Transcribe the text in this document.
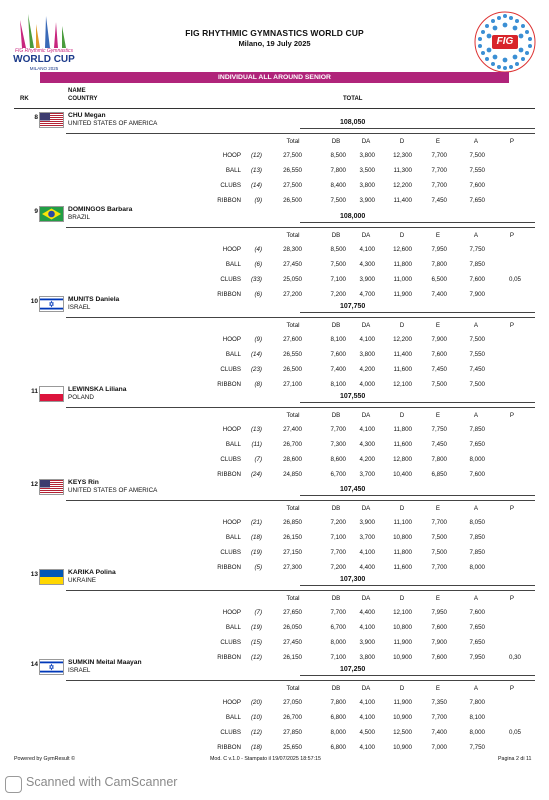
FIG Rhythmic Gymnastics
WORLD CUP
MILANO 2025
FIG RHYTHMIC GYMNASTICS WORLD CUP
Milano, 19 July 2025	FIG
INDIVIDUAL ALL AROUND SENIOR
RK
NAME
COUNTRY	TOTAL
8	CHU Megan
UNITED STATES OF AMERICA	108,050
Total	DB	DA	D	E	A	P
HOOP	(12)	27,500	8,500	3,800	12,300	7,700	7,500
BALL	(13)	26,550	7,800	3,500	11,300	7,700	7,550
CLUBS	(14)	27,500	8,400	3,800	12,200	7,700	7,600
RIBBON	(9)	26,500	7,500	3,900	11,400	7,450	7,650
9	DOMINGOS Barbara
BRAZIL	108,000
Total	DB	DA	D	E	A	P
HOOP	(4)	28,300	8,500	4,100	12,600	7,950	7,750
BALL	(6)	27,450	7,500	4,300	11,800	7,800	7,850
CLUBS	(33)	25,050	7,100	3,900	11,000	6,500	7,600	0,05
RIBBON	(6)	27,200	7,200	4,700	11,900	7,400	7,900
10	MUNITS Daniela
ISRAEL	107,750
Total	DB	DA	D	E	A	P
HOOP	(9)	27,600	8,100	4,100	12,200	7,900	7,500
BALL	(14)	26,550	7,600	3,800	11,400	7,600	7,550
CLUBS	(23)	26,500	7,400	4,200	11,600	7,450	7,450
RIBBON	(8)	27,100	8,100	4,000	12,100	7,500	7,500
11	LEWINSKA Liliana
POLAND	107,550
Total	DB	DA	D	E	A	P
HOOP	(13)	27,400	7,700	4,100	11,800	7,750	7,850
BALL	(11)	26,700	7,300	4,300	11,600	7,450	7,650
CLUBS	(7)	28,600	8,600	4,200	12,800	7,800	8,000
RIBBON	(24)	24,850	6,700	3,700	10,400	6,850	7,600
12	KEYS Rin
UNITED STATES OF AMERICA	107,450
Total	DB	DA	D	E	A	P
HOOP	(21)	26,850	7,200	3,900	11,100	7,700	8,050
BALL	(18)	26,150	7,100	3,700	10,800	7,500	7,850
CLUBS	(19)	27,150	7,700	4,100	11,800	7,500	7,850
RIBBON	(5)	27,300	7,200	4,400	11,600	7,700	8,000
13	KARIKA Polina
UKRAINE	107,300
Total	DB	DA	D	E	A	P
HOOP	(7)	27,650	7,700	4,400	12,100	7,950	7,600
BALL	(19)	26,050	6,700	4,100	10,800	7,600	7,650
CLUBS	(15)	27,450	8,000	3,900	11,900	7,900	7,650
RIBBON	(12)	26,150	7,100	3,800	10,900	7,600	7,950	0,30
14	SUMKIN Meital Maayan
ISRAEL	107,250
Total	DB	DA	D	E	A	P
HOOP	(20)	27,050	7,800	4,100	11,900	7,350	7,800
BALL	(10)	26,700	6,800	4,100	10,900	7,700	8,100
CLUBS	(12)	27,850	8,000	4,500	12,500	7,400	8,000	0,05
RIBBON	(18)	25,650	6,800	4,100	10,900	7,000	7,750
Powered by GymResult ©	Mod. C v.1.0 - Stampato il 19/07/2025 18:57:15	Pagina 2 di 11
Scanned with CamScanner
